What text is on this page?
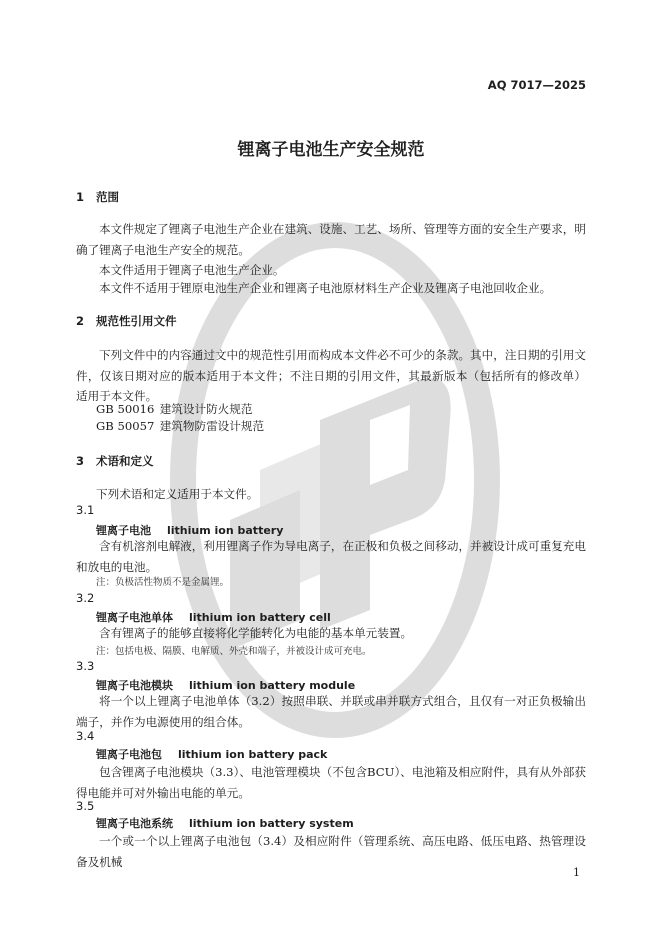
AQ 7017—2025
锂离子电池生产安全规范
1 范围
本文件规定了锂离子电池生产企业在建筑、设施、工艺、场所、管理等方面的安全生产要求，明确了锂离子电池生产安全的规范。
本文件适用于锂离子电池生产企业。
本文件不适用于锂原电池生产企业和锂离子电池原材料生产企业及锂离子电池回收企业。
2 规范性引用文件
下列文件中的内容通过文中的规范性引用而构成本文件必不可少的条款。其中，注日期的引用文件，仅该日期对应的版本适用于本文件；不注日期的引用文件，其最新版本（包括所有的修改单）适用于本文件。
GB 50016 建筑设计防火规范
GB 50057 建筑物防雷设计规范
3 术语和定义
下列术语和定义适用于本文件。
3.1
锂离子电池 lithium ion battery
含有机溶剂电解液，利用锂离子作为导电离子，在正极和负极之间移动，并被设计成可重复充电和放电的电池。
注：负极活性物质不是金属锂。
3.2
锂离子电池单体 lithium ion battery cell
含有锂离子的能够直接将化学能转化为电能的基本单元装置。
注：包括电极、隔膜、电解质、外壳和端子，并被设计成可充电。
3.3
锂离子电池模块 lithium ion battery module
将一个以上锂离子电池单体（3.2）按照串联、并联或串并联方式组合，且仅有一对正负极输出端子，并作为电源使用的组合体。
3.4
锂离子电池包 lithium ion battery pack
包含锂离子电池模块（3.3）、电池管理模块（不包含BCU）、电池箱及相应附件，具有从外部获得电能并可对外输出电能的单元。
3.5
锂离子电池系统 lithium ion battery system
一个或一个以上锂离子电池包（3.4）及相应附件（管理系统、高压电路、低压电路、热管理设备及机械
1
